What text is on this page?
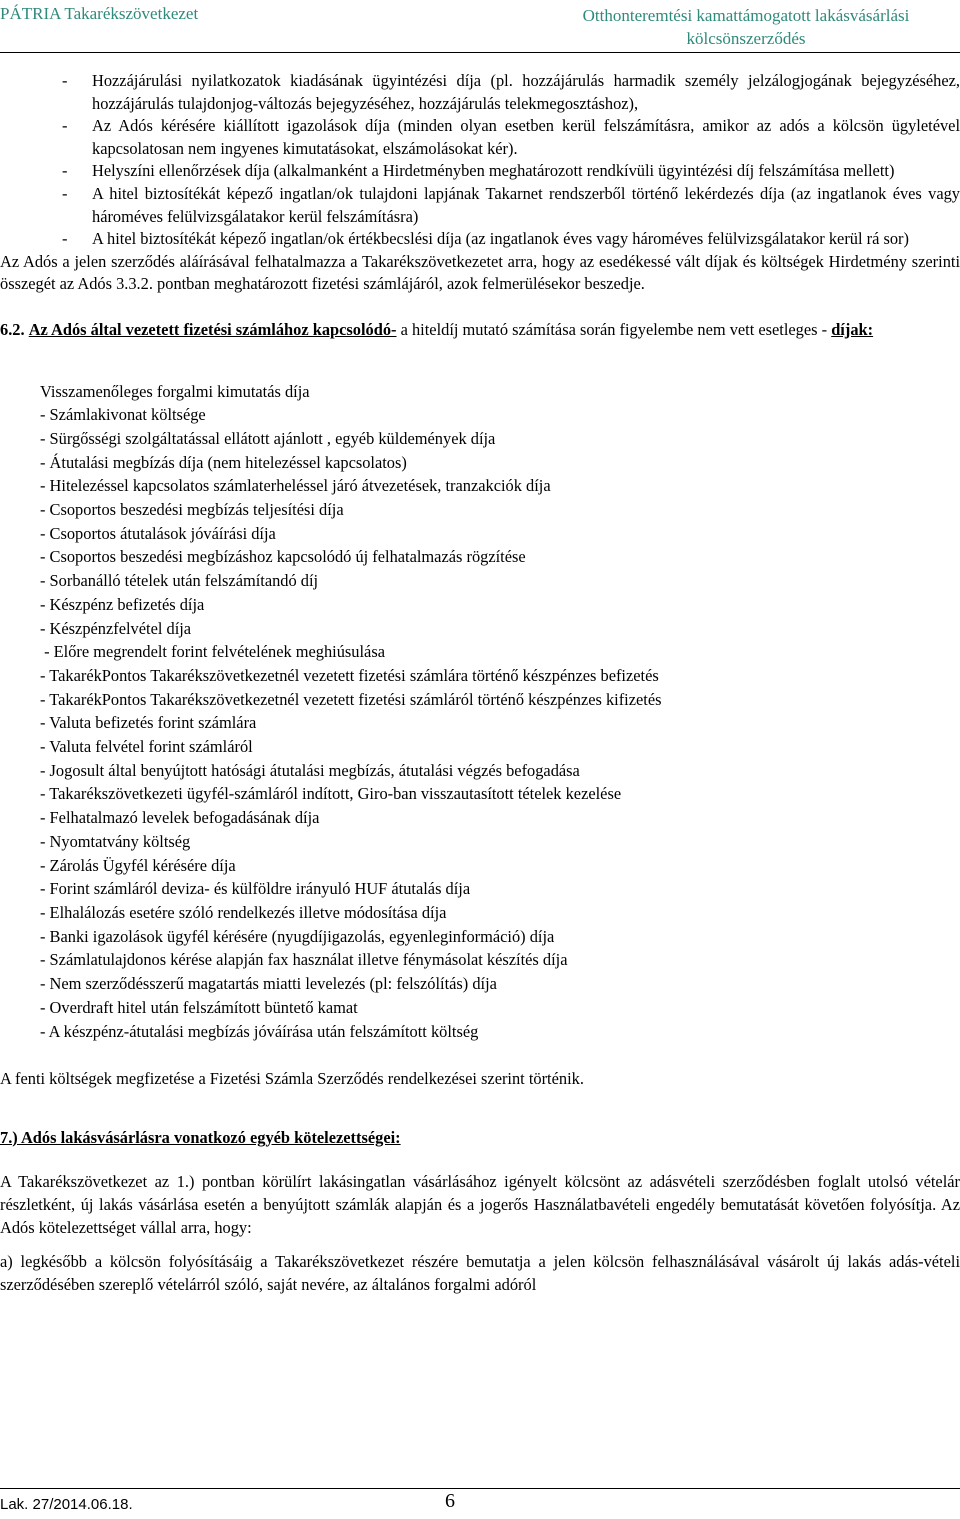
PÁTRIA Takarékszövetkezet	Otthonteremtési kamattámogatott lakásvásárlási
kölcsönszerződés
-	Hozzájárulási nyilatkozatok kiadásának ügyintézési díja (pl. hozzájárulás harmadik személy jelzálogjogának bejegyzéséhez, hozzájárulás tulajdonjog-változás bejegyzéséhez, hozzájárulás telekmegosztáshoz),
-	Az Adós kérésére kiállított igazolások díja (minden olyan esetben kerül felszámításra, amikor az adós a kölcsön ügyletével kapcsolatosan nem ingyenes kimutatásokat, elszámolásokat kér).
-	Helyszíni ellenőrzések díja (alkalmanként a Hirdetményben meghatározott rendkívüli ügyintézési díj felszámítása mellett)
-	A hitel biztosítékát képező ingatlan/ok tulajdoni lapjának Takarnet rendszerből történő lekérdezés díja (az ingatlanok éves vagy hároméves felülvizsgálatakor kerül felszámításra)
-	A hitel biztosítékát képező ingatlan/ok értékbecslési díja (az ingatlanok éves vagy hároméves felülvizsgálatakor kerül rá sor)

Az Adós a jelen szerződés aláírásával felhatalmazza a Takarékszövetkezetet arra, hogy az esedékessé vált díjak és költségek Hirdetmény szerinti összegét az Adós 3.3.2. pontban meghatározott fizetési számlájáról, azok felmerülésekor beszedje.

6.2. Az Adós által vezetett fizetési számlához kapcsolódó- a hiteldíj mutató számítása során figyelembe nem vett esetleges - díjak:

Visszamenőleges forgalmi kimutatás díja
- Számlakivonat költsége
- Sürgősségi szolgáltatással ellátott ajánlott , egyéb küldemények díja
- Átutalási megbízás díja (nem hitelezéssel kapcsolatos)
- Hitelezéssel kapcsolatos számlaterheléssel járó átvezetések, tranzakciók díja
- Csoportos beszedési megbízás teljesítési díja
- Csoportos átutalások jóváírási díja
- Csoportos beszedési megbízáshoz kapcsolódó új felhatalmazás rögzítése
- Sorbanálló tételek után felszámítandó díj
- Készpénz befizetés díja
- Készpénzfelvétel díja
- Előre megrendelt forint felvételének meghiúsulása
- TakarékPontos Takarékszövetkezetnél vezetett fizetési számlára történő készpénzes befizetés
- TakarékPontos Takarékszövetkezetnél vezetett fizetési számláról történő készpénzes kifizetés
- Valuta befizetés forint számlára
- Valuta felvétel forint számláról
- Jogosult által benyújtott hatósági átutalási megbízás, átutalási végzés befogadása
- Takarékszövetkezeti ügyfél-számláról indított, Giro-ban visszautasított tételek kezelése
- Felhatalmazó levelek befogadásának díja
- Nyomtatvány költség
- Zárolás Ügyfél kérésére díja
- Forint számláról deviza- és külföldre irányuló HUF átutalás díja
- Elhalálozás esetére szóló rendelkezés illetve módosítása díja
- Banki igazolások ügyfél kérésére (nyugdíjigazolás, egyenleginformáció) díja
- Számlatulajdonos kérése alapján fax használat illetve fénymásolat készítés díja
- Nem szerződésszerű magatartás miatti levelezés (pl: felszólítás) díja
- Overdraft hitel után felszámított büntető kamat
- A készpénz-átutalási megbízás jóváírása után felszámított költség

A fenti költségek megfizetése a Fizetési Számla Szerződés rendelkezései szerint történik.

7.) Adós lakásvásárlásra vonatkozó egyéb kötelezettségei:

A Takarékszövetkezet az 1.) pontban körülírt lakásingatlan vásárlásához igényelt kölcsönt az adásvételi szerződésben foglalt utolsó vételár részletként, új lakás vásárlása esetén a benyújtott számlák alapján és a jogerős Használatbavételi engedély bemutatását követően folyósítja. Az Adós kötelezettséget vállal arra, hogy:

a) legkésőbb a kölcsön folyósításáig a Takarékszövetkezet részére bemutatja a jelen kölcsön felhasználásával vásárolt új lakás adás-vételi szerződésében szereplő vételárról szóló, saját nevére, az általános forgalmi adóról

Lak. 27/2014.06.18.	6
